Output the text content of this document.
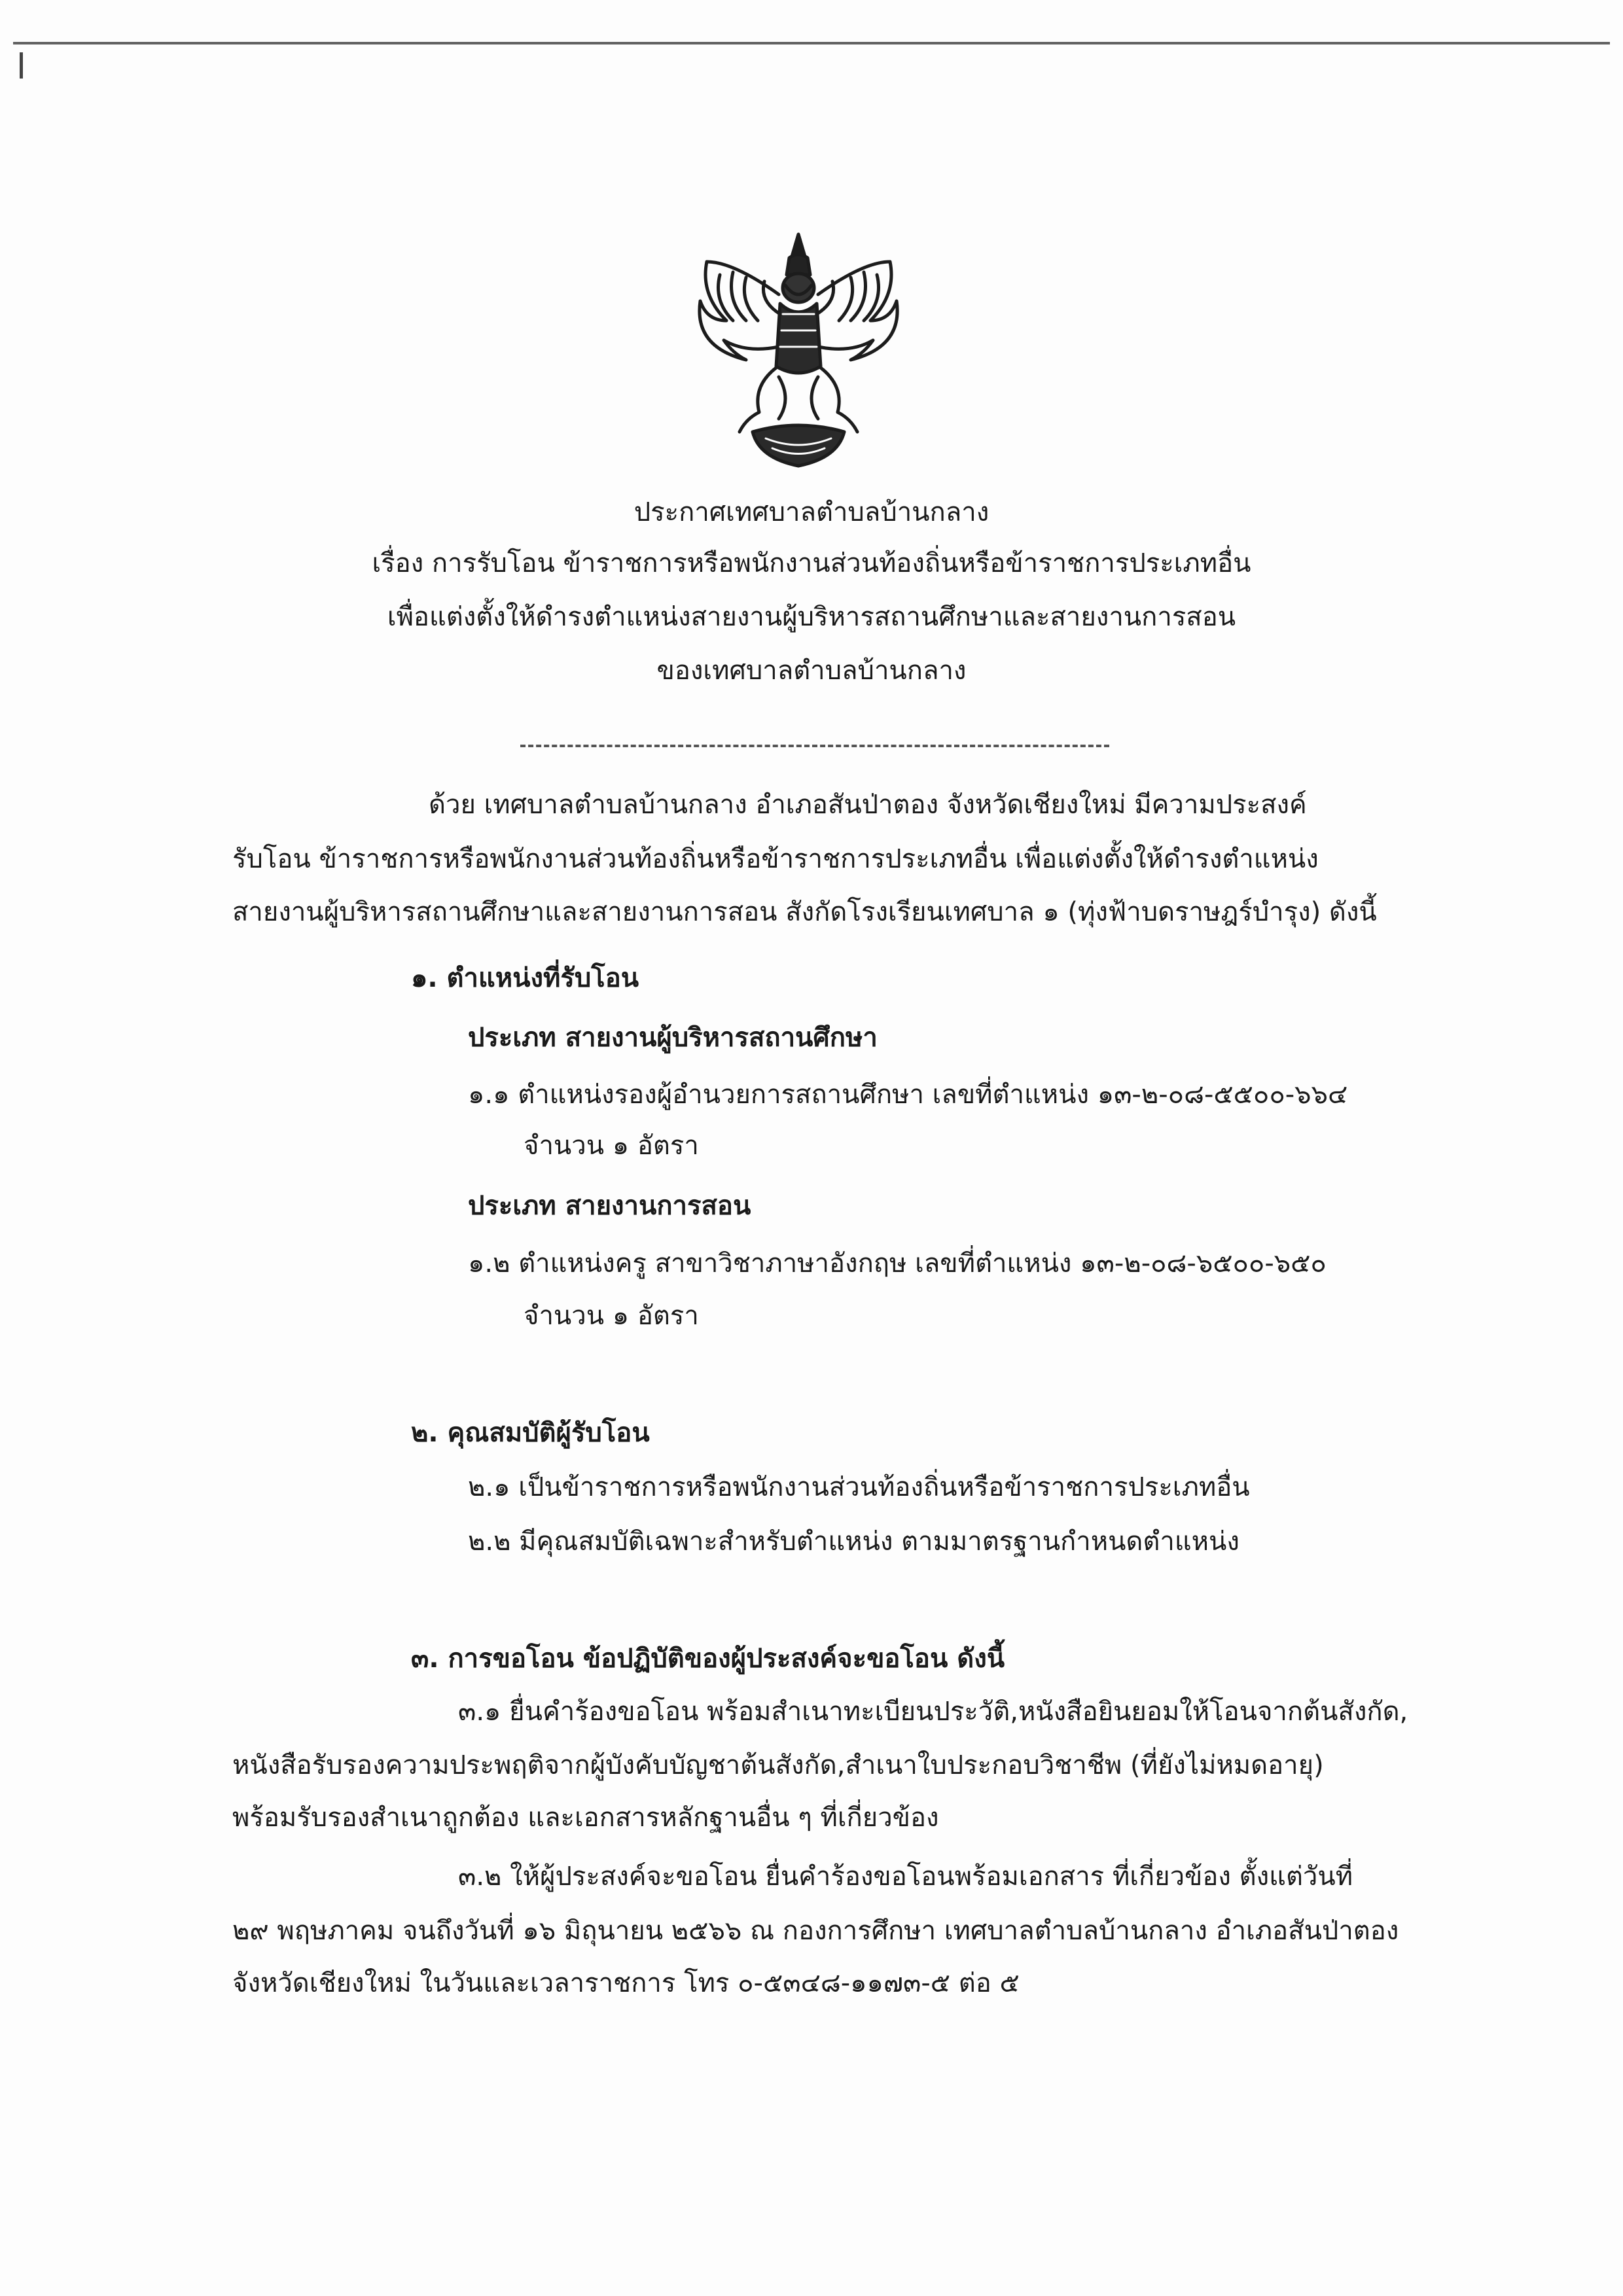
ประกาศเทศบาลตำบลบ้านกลาง
เรื่อง การรับโอน ข้าราชการหรือพนักงานส่วนท้องถิ่นหรือข้าราชการประเภทอื่น
เพื่อแต่งตั้งให้ดำรงตำแหน่งสายงานผู้บริหารสถานศึกษาและสายงานการสอน
ของเทศบาลตำบลบ้านกลาง
ด้วย เทศบาลตำบลบ้านกลาง อำเภอสันป่าตอง จังหวัดเชียงใหม่ มีความประสงค์
รับโอน ข้าราชการหรือพนักงานส่วนท้องถิ่นหรือข้าราชการประเภทอื่น เพื่อแต่งตั้งให้ดำรงตำแหน่ง
สายงานผู้บริหารสถานศึกษาและสายงานการสอน สังกัดโรงเรียนเทศบาล ๑ (ทุ่งฟ้าบดราษฎร์บำรุง) ดังนี้
๑. ตำแหน่งที่รับโอน
ประเภท สายงานผู้บริหารสถานศึกษา
๑.๑ ตำแหน่งรองผู้อำนวยการสถานศึกษา เลขที่ตำแหน่ง ๑๓-๒-๐๘-๕๕๐๐-๖๖๔
จำนวน ๑ อัตรา
ประเภท สายงานการสอน
๑.๒ ตำแหน่งครู สาขาวิชาภาษาอังกฤษ เลขที่ตำแหน่ง ๑๓-๒-๐๘-๖๕๐๐-๖๕๐
จำนวน ๑ อัตรา
๒. คุณสมบัติผู้รับโอน
๒.๑ เป็นข้าราชการหรือพนักงานส่วนท้องถิ่นหรือข้าราชการประเภทอื่น
๒.๒ มีคุณสมบัติเฉพาะสำหรับตำแหน่ง ตามมาตรฐานกำหนดตำแหน่ง
๓. การขอโอน ข้อปฏิบัติของผู้ประสงค์จะขอโอน ดังนี้
๓.๑ ยื่นคำร้องขอโอน พร้อมสำเนาทะเบียนประวัติ,หนังสือยินยอมให้โอนจากต้นสังกัด,
หนังสือรับรองความประพฤติจากผู้บังคับบัญชาต้นสังกัด,สำเนาใบประกอบวิชาชีพ (ที่ยังไม่หมดอายุ)
พร้อมรับรองสำเนาถูกต้อง และเอกสารหลักฐานอื่น ๆ ที่เกี่ยวข้อง
๓.๒ ให้ผู้ประสงค์จะขอโอน ยื่นคำร้องขอโอนพร้อมเอกสาร ที่เกี่ยวข้อง ตั้งแต่วันที่
๒๙ พฤษภาคม จนถึงวันที่ ๑๖ มิถุนายน ๒๕๖๖ ณ กองการศึกษา เทศบาลตำบลบ้านกลาง อำเภอสันป่าตอง
จังหวัดเชียงใหม่ ในวันและเวลาราชการ โทร ๐-๕๓๔๘-๑๑๗๓-๕ ต่อ ๕
